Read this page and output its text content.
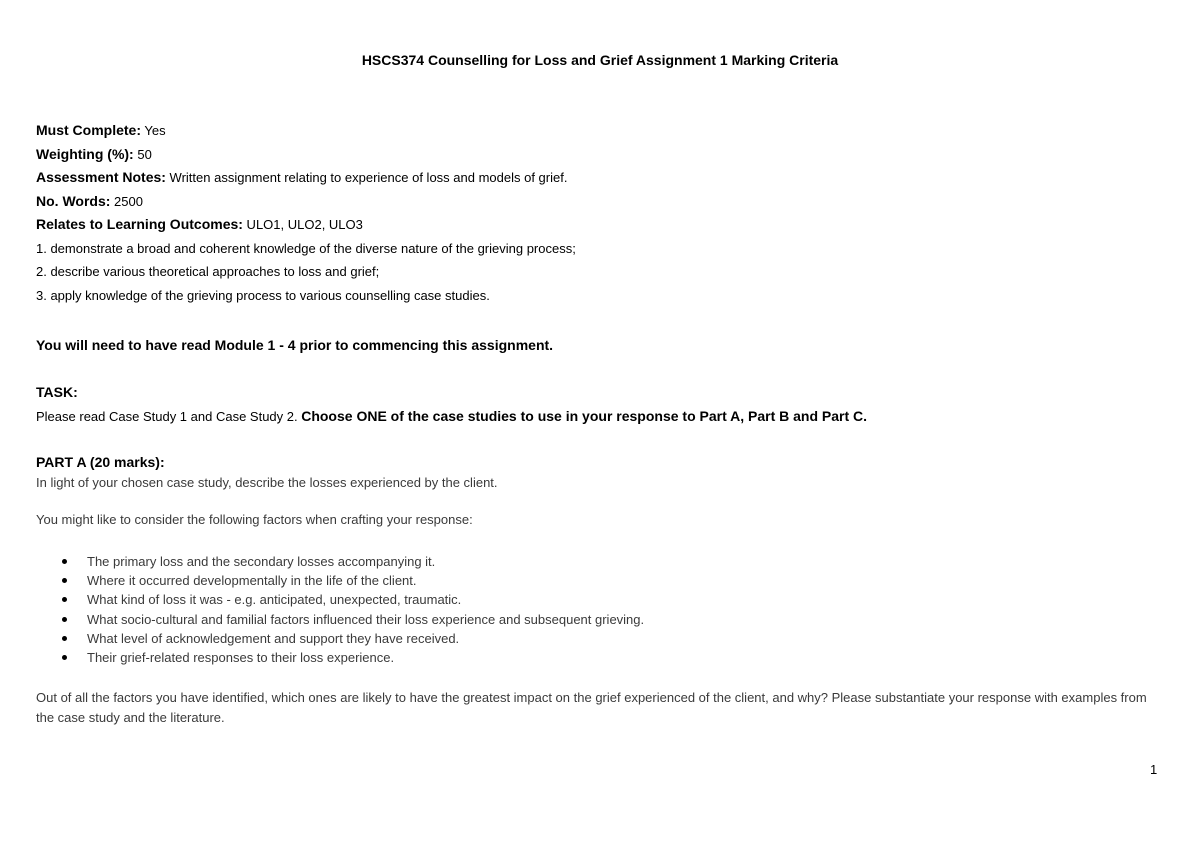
HSCS374 Counselling for Loss and Grief Assignment 1 Marking Criteria
Must Complete: Yes
Weighting (%): 50
Assessment Notes: Written assignment relating to experience of loss and models of grief.
No. Words: 2500
Relates to Learning Outcomes: ULO1, ULO2, ULO3
1. demonstrate a broad and coherent knowledge of the diverse nature of the grieving process;
2. describe various theoretical approaches to loss and grief;
3. apply knowledge of the grieving process to various counselling case studies.
You will need to have read Module 1 - 4 prior to commencing this assignment.
TASK:
Please read Case Study 1 and Case Study 2. Choose ONE of the case studies to use in your response to Part A, Part B and Part C.
PART A (20 marks):
In light of your chosen case study, describe the losses experienced by the client.
You might like to consider the following factors when crafting your response:
The primary loss and the secondary losses accompanying it.
Where it occurred developmentally in the life of the client.
What kind of loss it was - e.g. anticipated, unexpected, traumatic.
What socio-cultural and familial factors influenced their loss experience and subsequent grieving.
What level of acknowledgement and support they have received.
Their grief-related responses to their loss experience.
Out of all the factors you have identified, which ones are likely to have the greatest impact on the grief experienced of the client, and why? Please substantiate your response with examples from the case study and the literature.
1
